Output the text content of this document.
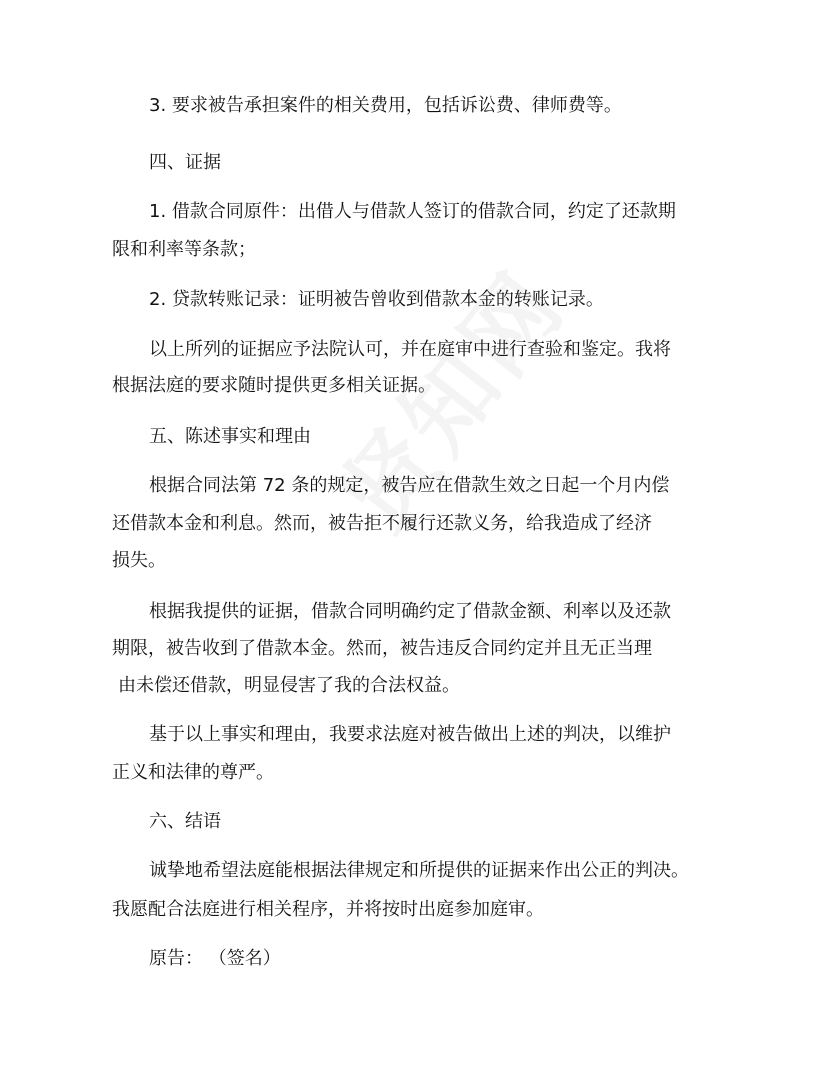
3. 要求被告承担案件的相关费用，包括诉讼费、律师费等。
四、证据
1. 借款合同原件：出借人与借款人签订的借款合同，约定了还款期
限和利率等条款；
2. 贷款转账记录：证明被告曾收到借款本金的转账记录。
以上所列的证据应予法院认可，并在庭审中进行查验和鉴定。我将
根据法庭的要求随时提供更多相关证据。
五、陈述事实和理由
根据合同法第 72 条的规定，被告应在借款生效之日起一个月内偿
还借款本金和利息。然而，被告拒不履行还款义务，给我造成了经济
损失。
根据我提供的证据，借款合同明确约定了借款金额、利率以及还款
期限，被告收到了借款本金。然而，被告违反合同约定并且无正当理
由未偿还借款，明显侵害了我的合法权益。
基于以上事实和理由，我要求法庭对被告做出上述的判决，以维护
正义和法律的尊严。
六、结语
诚挚地希望法庭能根据法律规定和所提供的证据来作出公正的判决。
我愿配合法庭进行相关程序，并将按时出庭参加庭审。
原告： （签名）
